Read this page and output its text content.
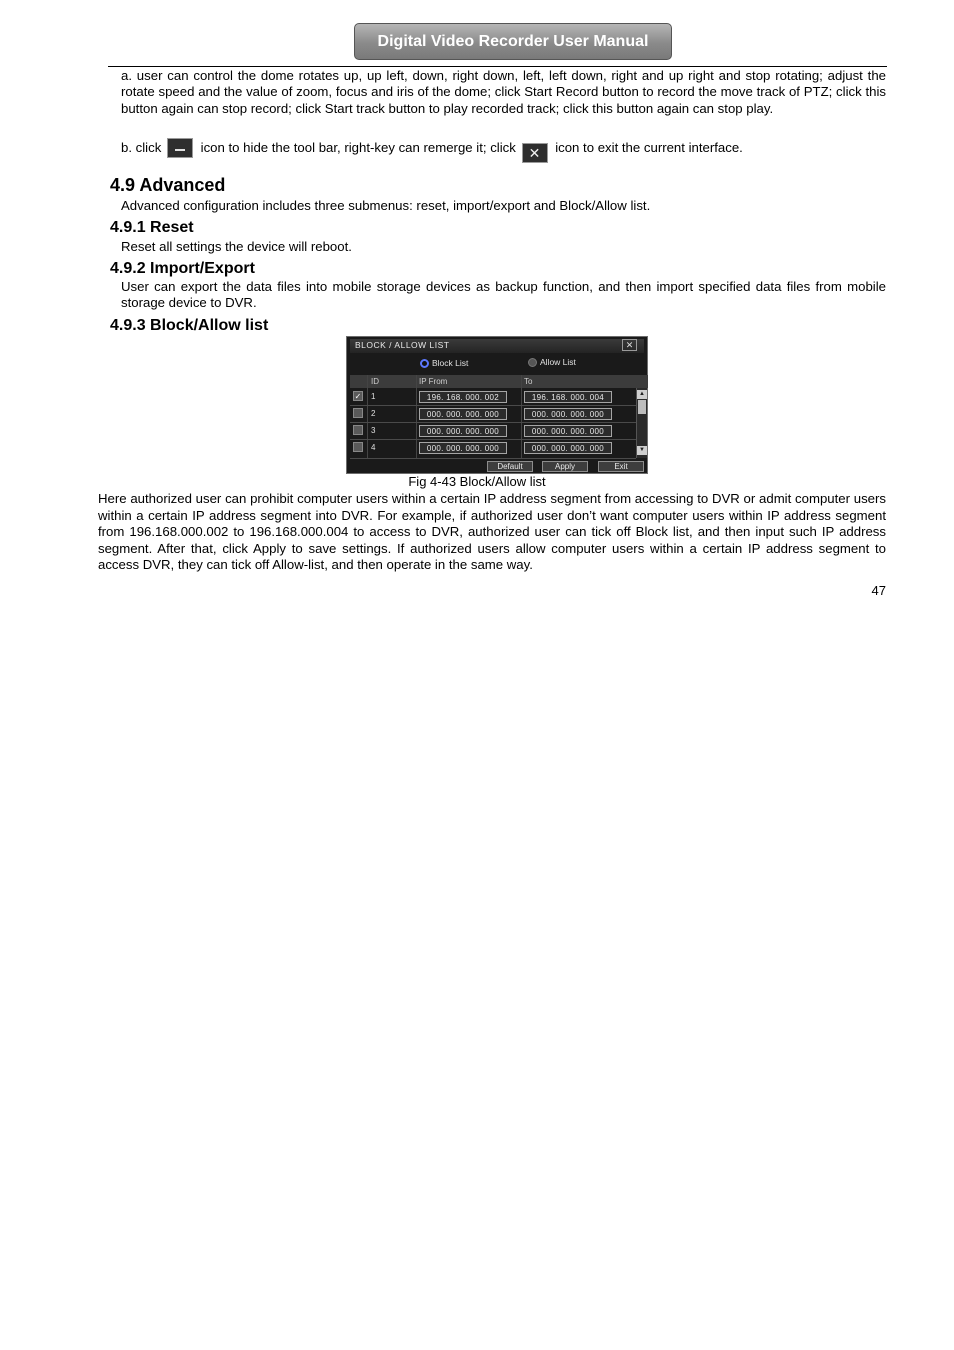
Digital Video Recorder User Manual
a. user can control the dome rotates up, up left, down, right down, left, left down, right and up right and stop rotating; adjust the rotate speed and the value of zoom, focus and iris of the dome; click Start Record button to record the move track of PTZ; click this button again can stop record; click Start track button to play recorded track; click this button again can stop play.
b. click	icon to hide the tool bar, right-key can remerge it; click ✕ icon to exit the current interface.
4.9 Advanced
Advanced configuration includes three submenus: reset, import/export and Block/Allow list.
4.9.1 Reset
Reset all settings the device will reboot.
4.9.2 Import/Export
User can export the data files into mobile storage devices as backup function, and then import specified data files from mobile storage device to DVR.
4.9.3 Block/Allow list
BLOCK / ALLOW LIST	✕
Block List	Allow List
ID	IP From	To
✓ 1	196. 168. 000. 002	196. 168. 000. 004
2	000. 000. 000. 000	000. 000. 000. 000
3	000. 000. 000. 000	000. 000. 000. 000
4	000. 000. 000. 000	000. 000. 000. 000
▲
▼
Default	Apply	Exit
Fig 4-43 Block/Allow list
Here authorized user can prohibit computer users within a certain IP address segment from accessing to DVR or admit computer users within a certain IP address segment into DVR. For example, if authorized user don’t want computer users within IP address segment from 196.168.000.002 to 196.168.000.004 to access to DVR, authorized user can tick off Block list, and then input such IP address segment. After that, click Apply to save settings. If authorized users allow computer users within a certain IP address segment to access DVR, they can tick off Allow-list, and then operate in the same way.
47
